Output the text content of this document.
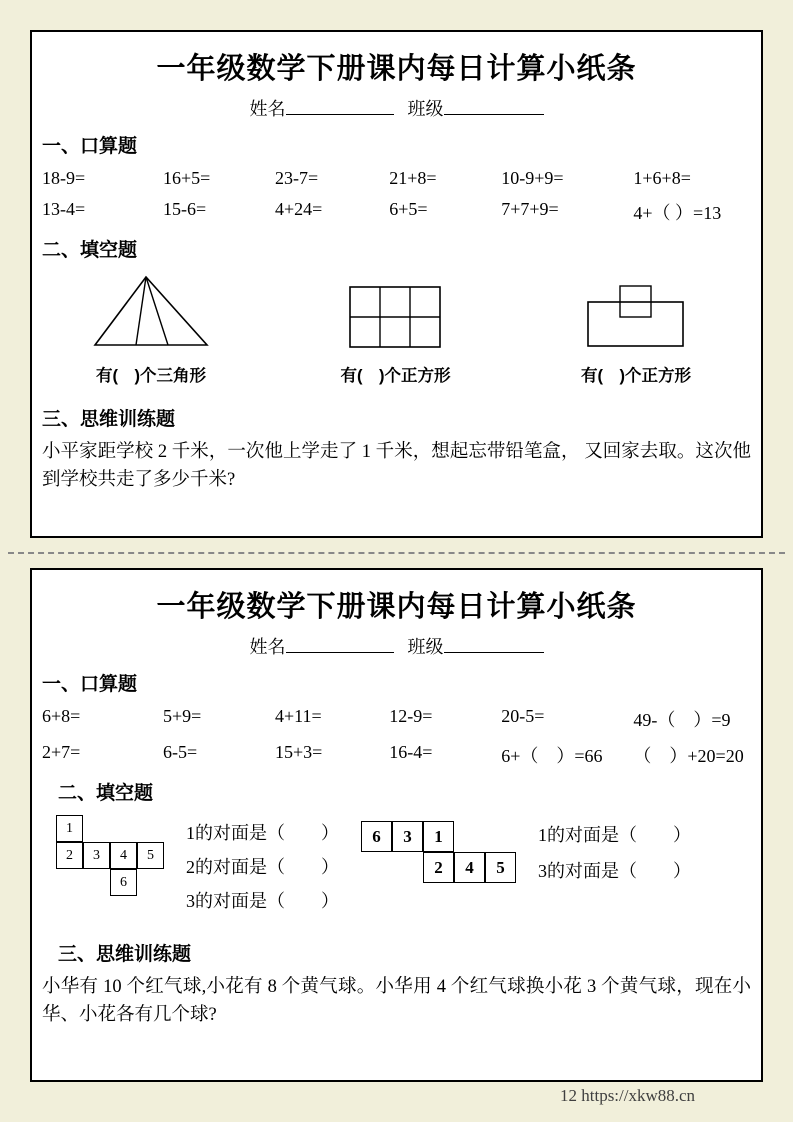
一年级数学下册课内每日计算小纸条
姓名	班级
一、口算题
18-9=	16+5=	23-7=	21+8=	10-9+9=	1+6+8=
13-4=	15-6=	4+24=	6+5=	7+7+9=	4+（ ）=13
二、填空题
有(　)个三角形	有(　)个正方形	有(　)个正方形
三、思维训练题

小平家距学校 2 千米，一次他上学走了 1 千米，想起忘带铅笔盒， 又回家去取。这次他到学校共走了多少千米?

一年级数学下册课内每日计算小纸条
姓名	班级
一、口算题
6+8=	5+9=	4+11=	12-9=	20-5=	49-（　）=9
2+7=	6-5=	15+3=	16-4=	6+（　）=66	（　）+20=20
二、填空题
1
2	3	4	5
6
1的对面是（　　）
2的对面是（　　）
3的对面是（　　）
6	3	1
2	4	5
1的对面是（　　）
3的对面是（　　）
三、思维训练题

小华有 10 个红气球,小花有 8 个黄气球。小华用 4 个红气球换小花 3 个黄气球，现在小华、小花各有几个球?

12 https://xkw88.cn
